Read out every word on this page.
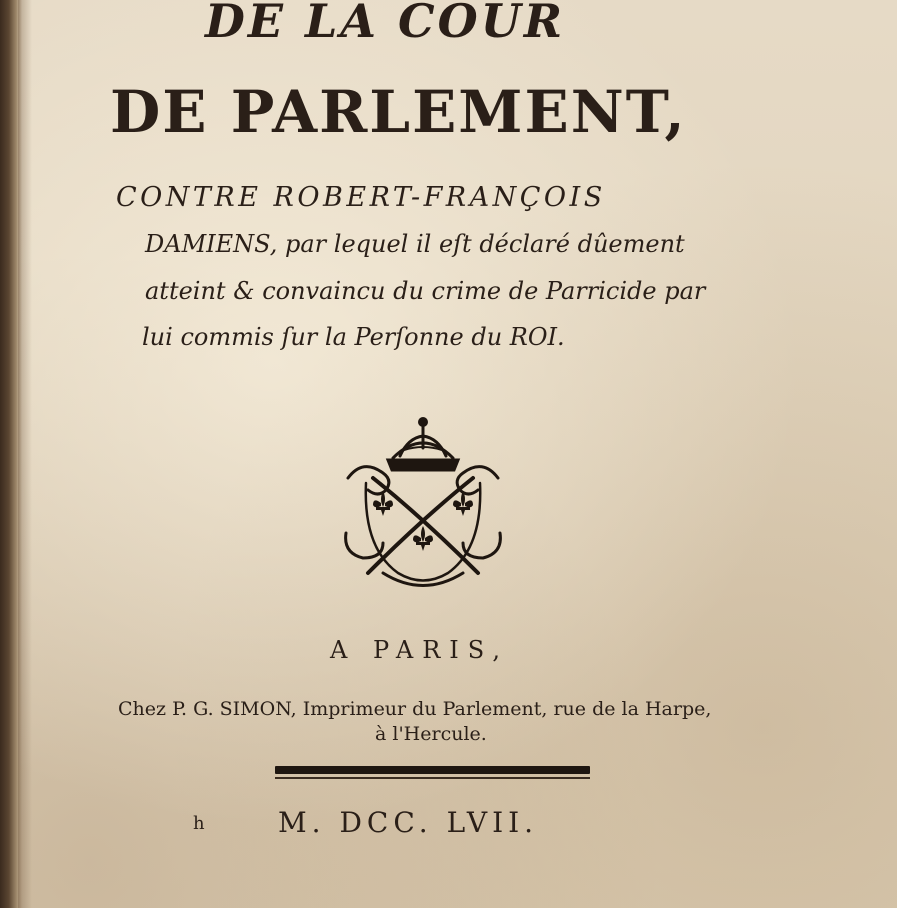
DE LA COUR
DE PARLEMENT,
CONTRE ROBERT-FRANÇOIS
DAMIENS, par lequel il eſt déclaré dûement
atteint & convaincu du crime de Parricide par
lui commis ſur la Perſonne du ROI.
A PARIS,
Chez P. G. SIMON, Imprimeur du Parlement, rue de la Harpe,
à l'Hercule.
h	M. DCC. LVII.
